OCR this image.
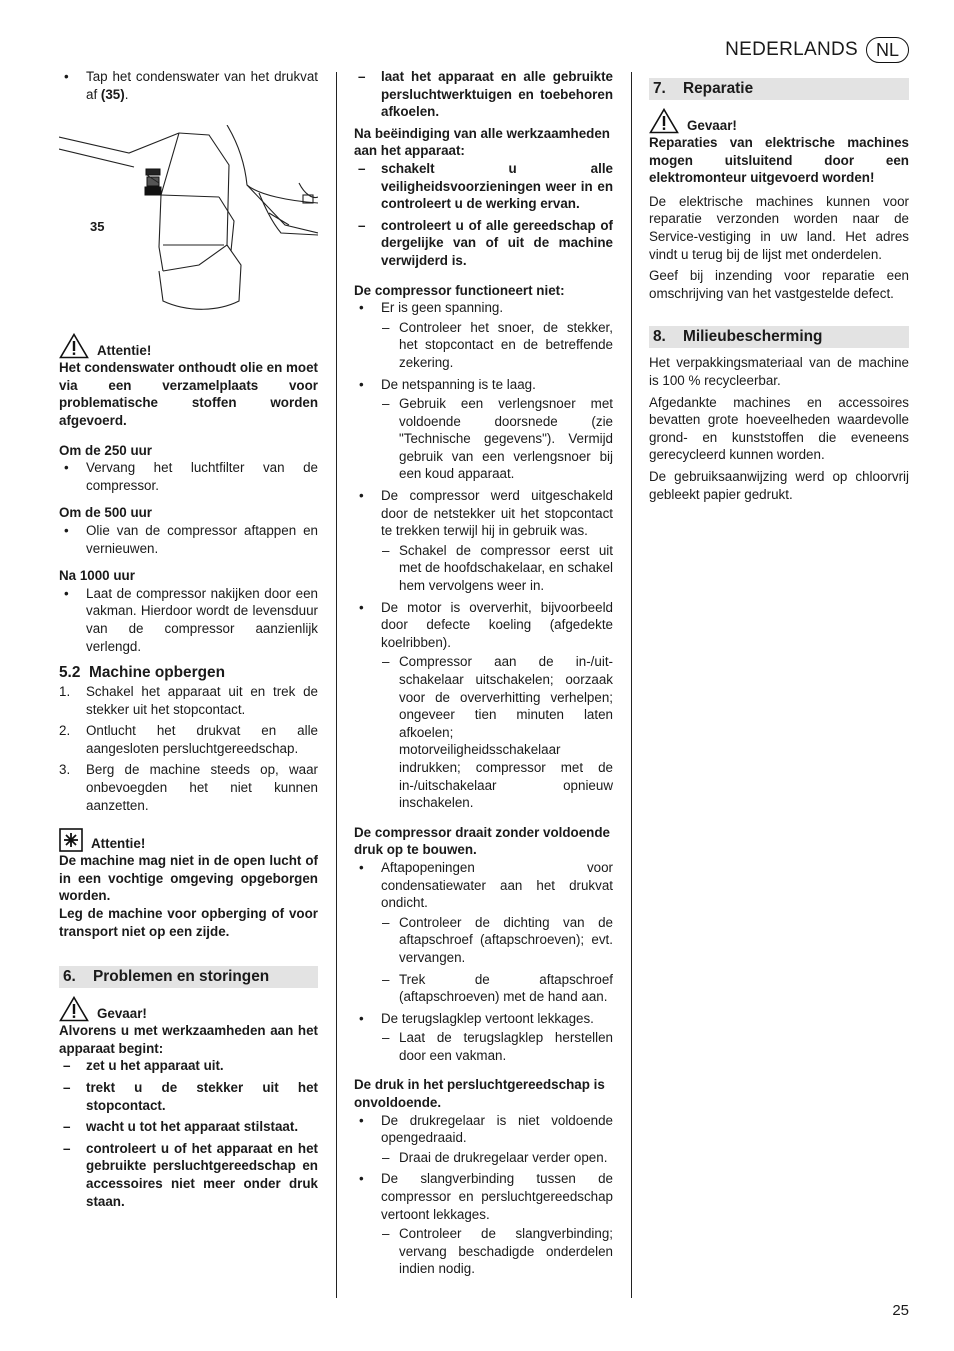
NEDERLANDS	NL
• Tap het condenswater van het drukvat af (35).
35
Attentie!

Het condenswater onthoudt olie en moet via een verzamelplaats voor problematische stoffen worden afgevoerd.

Om de 250 uur

• Vervang het luchtfilter van de compressor.

Om de 500 uur

• Olie van de compressor aftappen en vernieuwen.

Na 1000 uur

• Laat de compressor nakijken door een vakman. Hierdoor wordt de levensduur van de compressor aanzienlijk verlengd.
5.2 Machine opbergen
1. Schakel het apparaat uit en trek de stekker uit het stopcontact.
2. Ontlucht het drukvat en alle aangesloten persluchtgereedschap.
3. Berg de machine steeds op, waar onbevoegden het niet kunnen aanzetten.
Attentie!

De machine mag niet in de open lucht of in een vochtige omgeving opgeborgen worden.

Leg de machine voor opberging of voor transport niet op een zijde.

6. Problemen en storingen
Gevaar!

Alvorens u met werkzaamheden aan het apparaat begint:

– zet u het apparaat uit.
– trekt u de stekker uit het stopcontact.
– wacht u tot het apparaat stilstaat.
– controleert u of het apparaat en het gebruikte persluchtgereedschap en accessoires niet meer onder druk staan.
– laat het apparaat en alle gebruikte persluchtwerktuigen en toebehoren afkoelen.

Na beëindiging van alle werkzaamheden aan het apparaat:

– schakelt u alle veiligheidsvoorzieningen weer in en controleert u de werking ervan.
– controleert u of alle gereedschap of dergelijke van of uit de machine verwijderd is.

De compressor functioneert niet:

• Er is geen spanning.
– Controleer het snoer, de stekker, het stopcontact en de betreffende zekering.
• De netspanning is te laag.
– Gebruik een verlengsnoer met voldoende doorsnede (zie "Technische gegevens"). Vermijd gebruik van een verlengsnoer bij een koud apparaat.
• De compressor werd uitgeschakeld door de netstekker uit het stopcontact te trekken terwijl hij in gebruik was.
– Schakel de compressor eerst uit met de hoofdschakelaar, en schakel hem vervolgens weer in.
• De motor is oververhit, bijvoorbeeld door defecte koeling (afgedekte koelribben).
– Compressor aan de in-/uit-schakelaar uitschakelen; oorzaak voor de oververhitting verhelpen; ongeveer tien minuten laten afkoelen; motorveiligheidsschakelaar indrukken; compressor met de in-/uitschakelaar opnieuw inschakelen.

De compressor draait zonder voldoende druk op te bouwen.

• Aftapopeningen voor condensatiewater aan het drukvat ondicht.
– Controleer de dichting van de aftapschroef (aftapschroeven); evt. vervangen.
– Trek de aftapschroef (aftapschroeven) met de hand aan.
• De terugslagklep vertoont lekkages.
– Laat de terugslagklep herstellen door een vakman.

De druk in het persluchtgereedschap is onvoldoende.

• De drukregelaar is niet voldoende opengedraaid.
– Draai de drukregelaar verder open.
• De slangverbinding tussen de compressor en persluchtgereedschap vertoont lekkages.
– Controleer de slangverbinding; vervang beschadigde onderdelen indien nodig.
7. Reparatie
Gevaar!

Reparaties van elektrische machines mogen uitsluitend door een elektromonteur uitgevoerd worden!

De elektrische machines kunnen voor reparatie verzonden worden naar de Service-vestiging in uw land. Het adres vindt u terug bij de lijst met onderdelen.

Geef bij inzending voor reparatie een omschrijving van het vastgestelde defect.

8. Milieubescherming

Het verpakkingsmateriaal van de machine is 100 % recycleerbar.

Afgedankte machines en accessoires bevatten grote hoeveelheden waardevolle grond- en kunststoffen die eveneens gerecycleerd kunnen worden.

De gebruiksaanwijzing werd op chloorvrij gebleekt papier gedrukt.

25
